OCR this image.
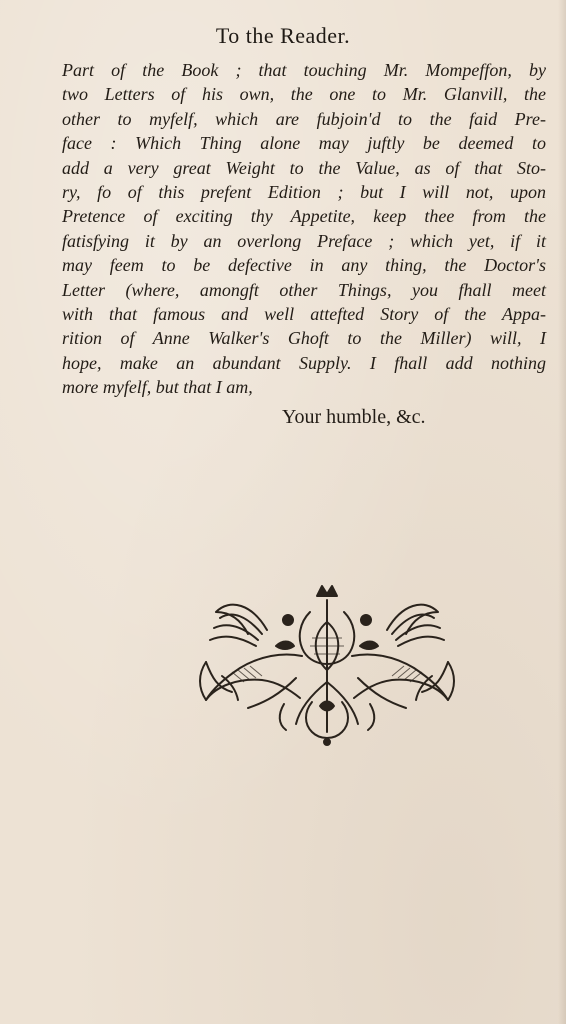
To the Reader.
Part of the Book ; that touching Mr. Mompeffon, by
two Letters of his own, the one to Mr. Glanvill, the
other to myfelf, which are fubjoin'd to the faid Pre-
face : Which Thing alone may juftly be deemed to
add a very great Weight to the Value, as of that Sto-
ry, fo of this prefent Edition ; but I will not, upon
Pretence of exciting thy Appetite, keep thee from the
fatisfying it by an overlong Preface ; which yet, if it
may feem to be defective in any thing, the Doctor's
Letter (where, amongft other Things, you fhall meet
with that famous and well attefted Story of the Appa-
rition of Anne Walker's Ghoft to the Miller) will, I
hope, make an abundant Supply. I fhall add nothing
more myfelf, but that I am,
Your humble, &c.
